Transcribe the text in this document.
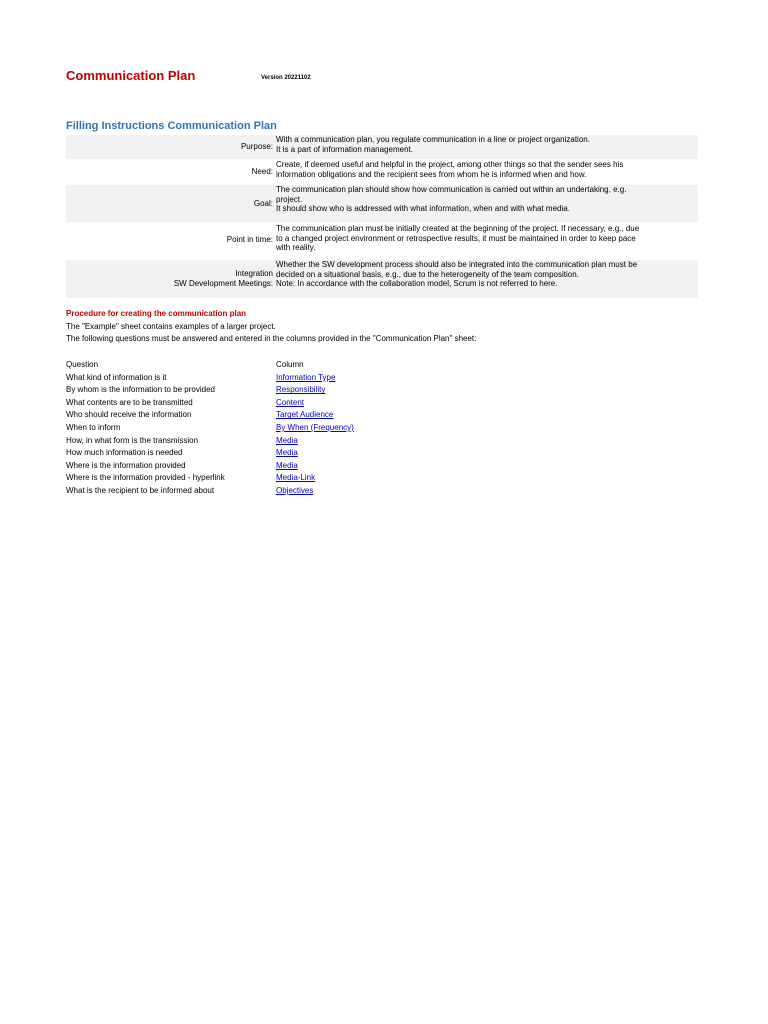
Communication Plan	Version 20221102
Filling Instructions Communication Plan
Purpose:
With a communication plan, you regulate communication in a line or project organization.
It is a part of information management.
Need:
Create, if deemed useful and helpful in the project, among other things so that the sender sees his
information obligations and the recipient sees from whom he is informed when and how.
Goal:
The communication plan should show how communication is carried out within an undertaking, e.g.
project.
It should show who is addressed with what information, when and with what media.
Point in time:
The communication plan must be initially created at the beginning of the project. If necessary, e.g., due
to a changed project environment or retrospective results, it must be maintained in order to keep pace
with reality.
Integration
SW Development Meetings:
Whether the SW development process should also be integrated into the communication plan must be
decided on a situational basis, e.g., due to the heterogeneity of the team composition.
Note: In accordance with the collaboration model, Scrum is not referred to here.
Procedure for creating the communication plan
The "Example" sheet contains examples of a larger project.
The following questions must be answered and entered in the columns provided in the "Communication Plan" sheet:
Question	Column
What kind of information is it	Information Type
By whom is the information to be provided	Responsibility
What contents are to be transmitted	Content
Who should receive the information	Target Audience
When to inform	By When (Frequency)
How, in what form is the transmission	Media
How much information is needed	Media
Where is the information provided	Media
Where is the information provided - hyperlink	Media-Link
What is the recipient to be informed about	Objectives
